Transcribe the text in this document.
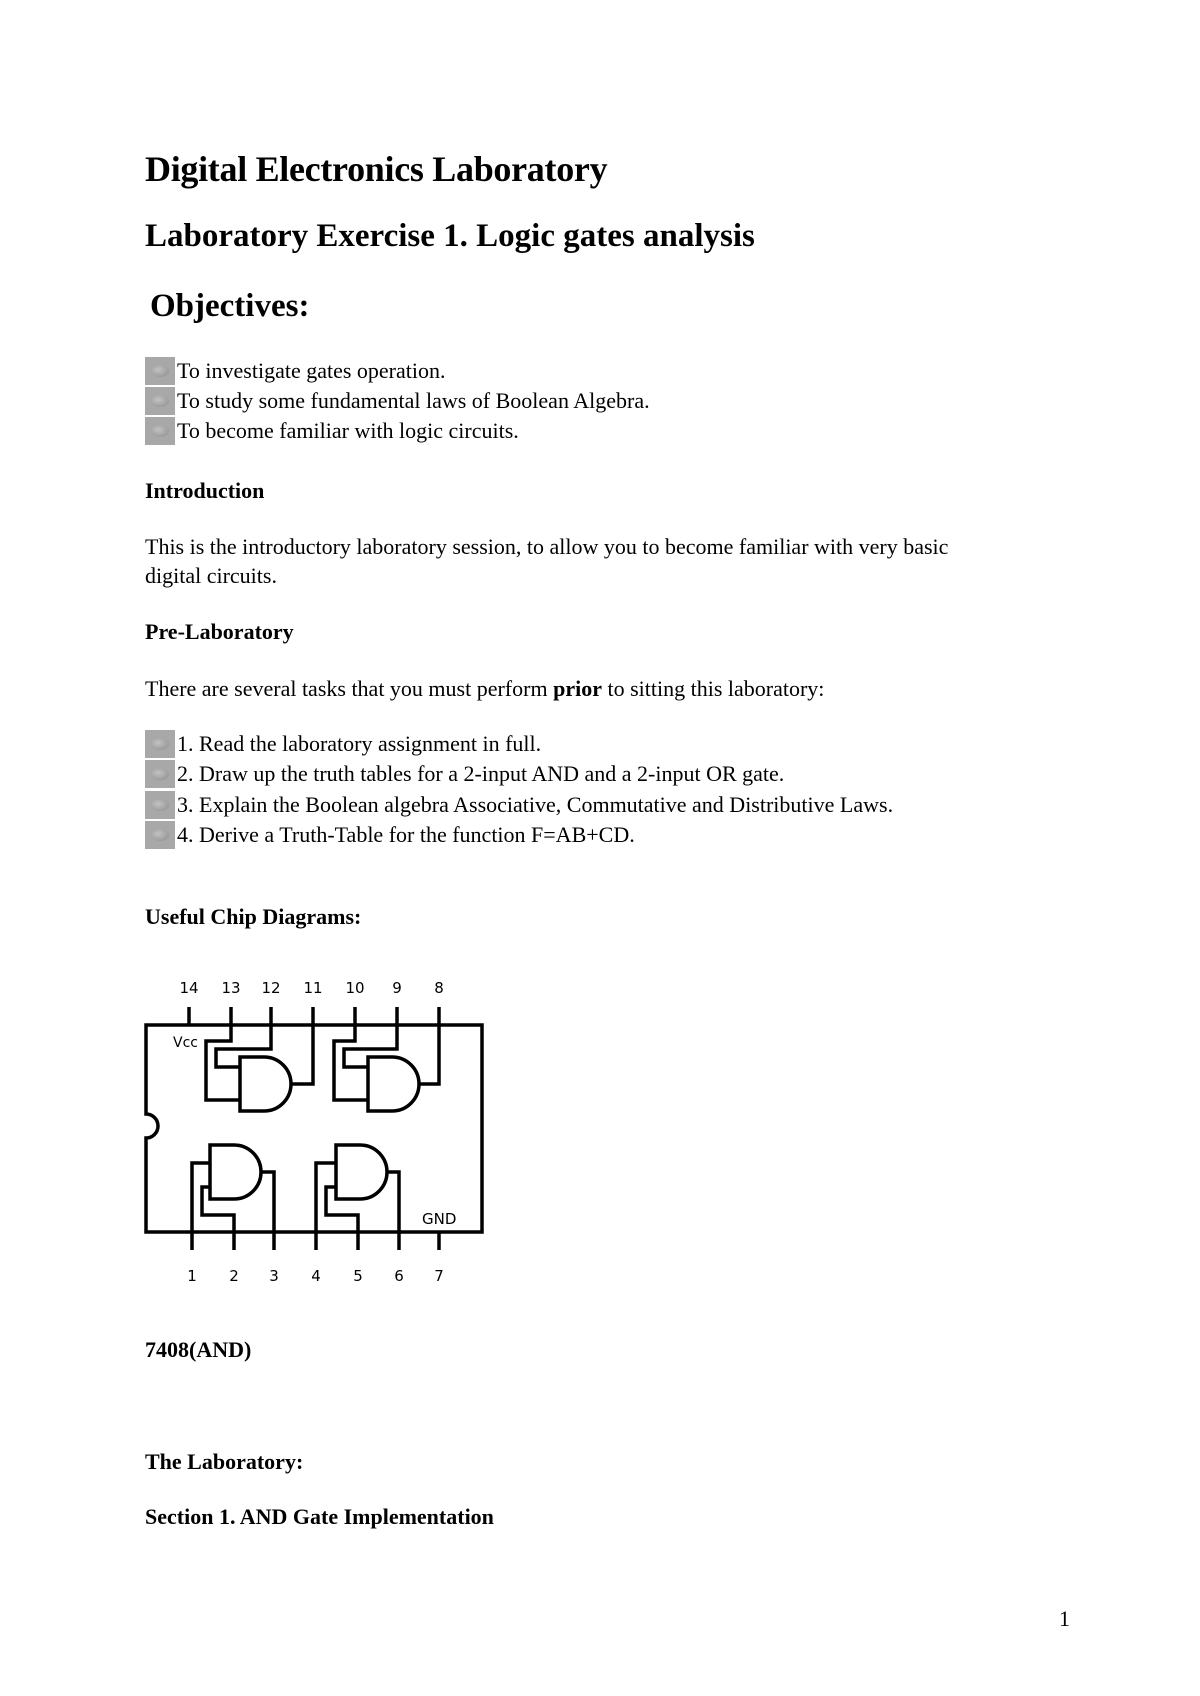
Digital Electronics Laboratory
Laboratory Exercise 1. Logic gates analysis
Objectives:
To investigate gates operation.
To study some fundamental laws of Boolean Algebra.
To become familiar with logic circuits.
Introduction
This is the introductory laboratory session, to allow you to become familiar with very basic
digital circuits.
Pre-Laboratory
There are several tasks that you must perform prior to sitting this laboratory:
1. Read the laboratory assignment in full.
2. Draw up the truth tables for a 2-input AND and a 2-input OR gate.
3. Explain the Boolean algebra Associative, Commutative and Distributive Laws.
4. Derive a Truth-Table for the function F=AB+CD.
Useful Chip Diagrams:
14 13 12 11 10 9 8
1 2 3 4 5 6 7
Vcc
GND
7408(AND)
The Laboratory:
Section 1. AND Gate Implementation
1
